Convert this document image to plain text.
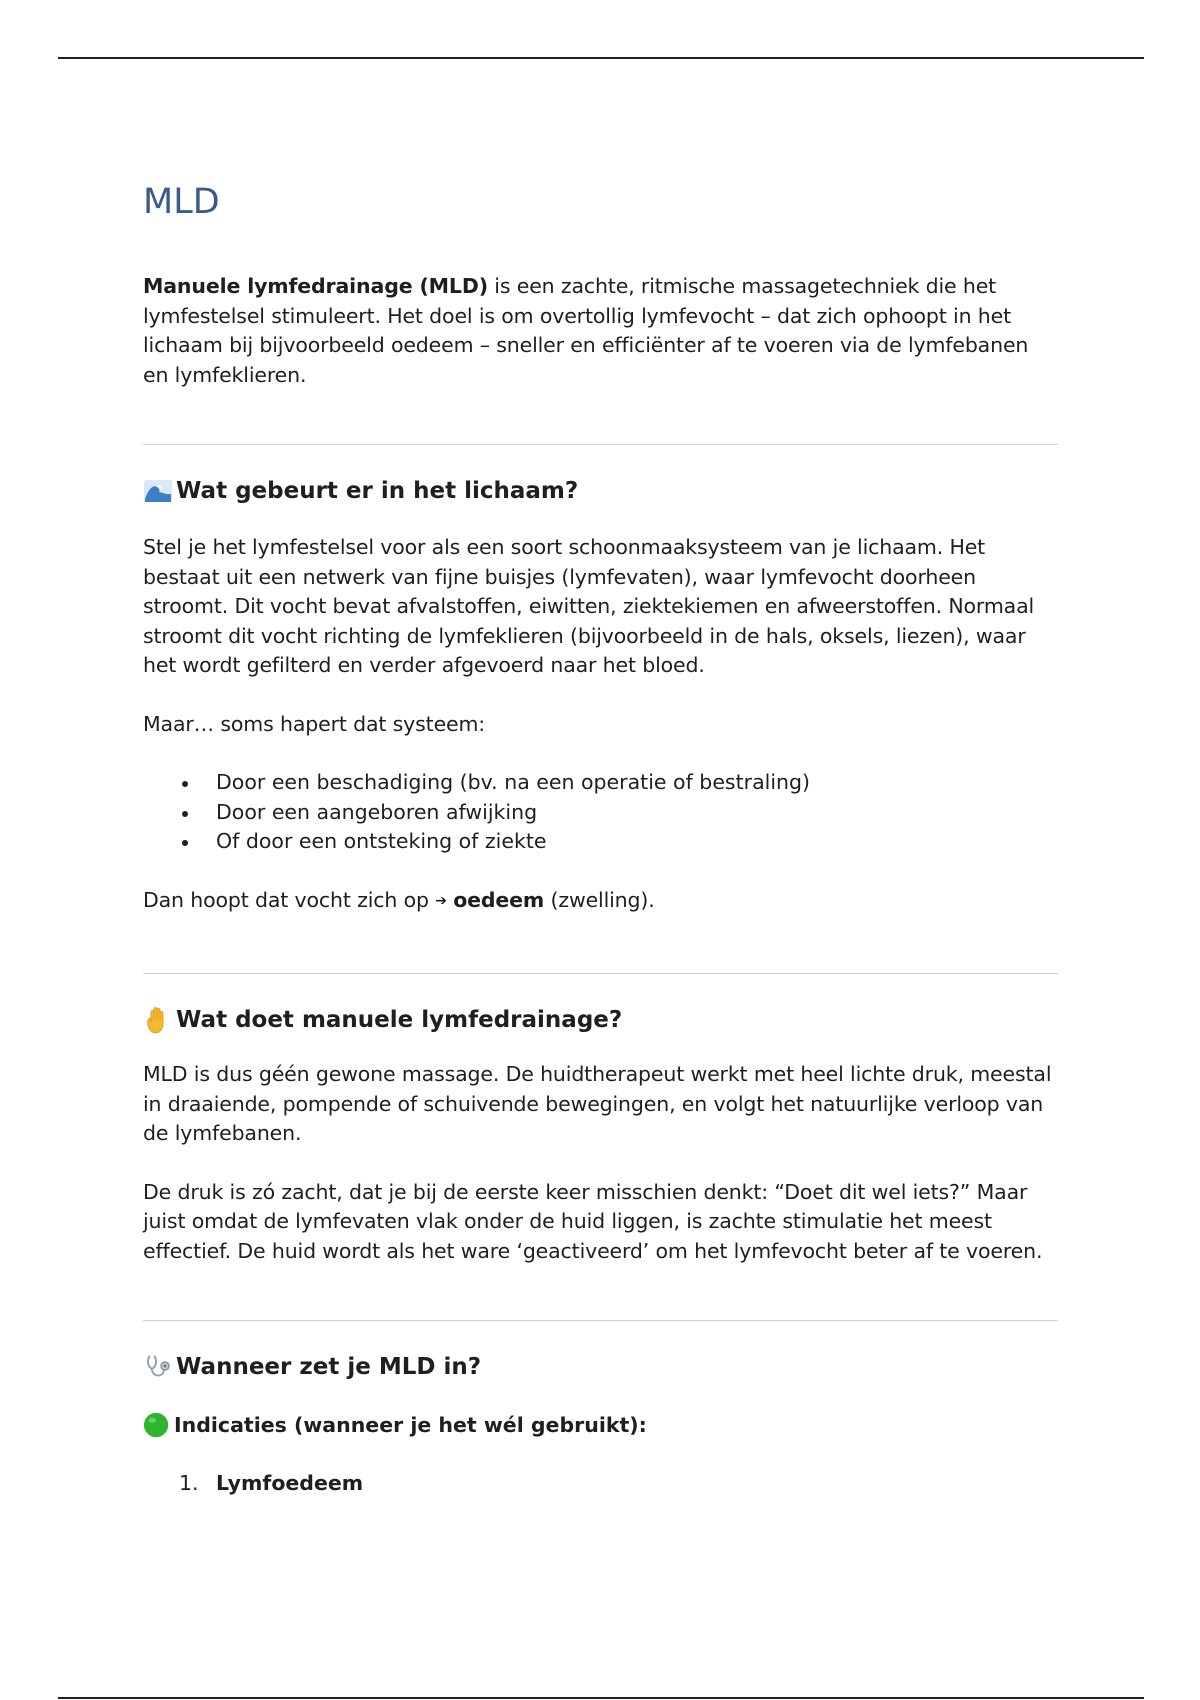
MLD

Manuele lymfedrainage (MLD) is een zachte, ritmische massagetechniek die het lymfestelsel stimuleert. Het doel is om overtollig lymfevocht – dat zich ophoopt in het lichaam bij bijvoorbeeld oedeem – sneller en efficiënter af te voeren via de lymfebanen en lymfeklieren.

Wat gebeurt er in het lichaam?

Stel je het lymfestelsel voor als een soort schoonmaaksysteem van je lichaam. Het bestaat uit een netwerk van fijne buisjes (lymfevaten), waar lymfevocht doorheen stroomt. Dit vocht bevat afvalstoffen, eiwitten, ziektekiemen en afweerstoffen. Normaal stroomt dit vocht richting de lymfeklieren (bijvoorbeeld in de hals, oksels, liezen), waar het wordt gefilterd en verder afgevoerd naar het bloed.

Maar… soms hapert dat systeem:

Door een beschadiging (bv. na een operatie of bestraling)
Door een aangeboren afwijking
Of door een ontsteking of ziekte

Dan hoopt dat vocht zich op ➔ oedeem (zwelling).

Wat doet manuele lymfedrainage?

MLD is dus géén gewone massage. De huidtherapeut werkt met heel lichte druk, meestal in draaiende, pompende of schuivende bewegingen, en volgt het natuurlijke verloop van de lymfebanen.

De druk is zó zacht, dat je bij de eerste keer misschien denkt: “Doet dit wel iets?” Maar juist omdat de lymfevaten vlak onder de huid liggen, is zachte stimulatie het meest effectief. De huid wordt als het ware ‘geactiveerd’ om het lymfevocht beter af te voeren.

Wanneer zet je MLD in?
Indicaties (wanneer je het wél gebruikt):
1. Lymfoedeem
